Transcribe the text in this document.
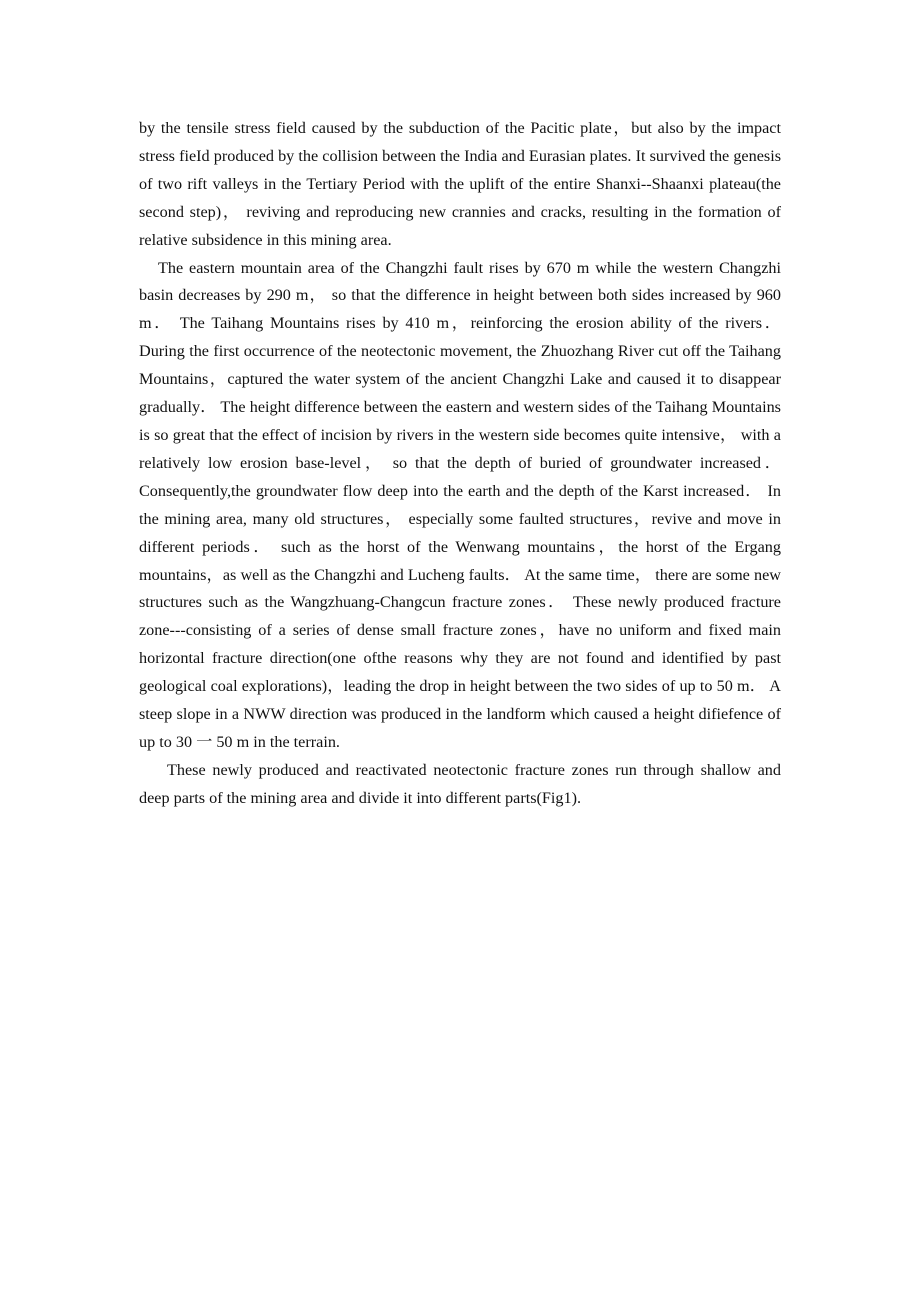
by the tensile stress field caused by the subduction of the Pacitic plate，but also by the impact stress fieId produced by the collision between the India and Eurasian plates. It survived the genesis of two rift valleys in the Tertiary Period with the uplift of the entire Shanxi--Shaanxi plateau(the second step)， reviving and reproducing new crannies and cracks, resulting in the formation of relative subsidence in this mining area.

The eastern mountain area of the Changzhi fault rises by 670 m while the western Changzhi basin decreases by 290 m， so that the difference in height between both sides increased by 960 m． The Taihang Mountains rises by 410 m，reinforcing the erosion ability of the rivers． During the first occurrence of the neotectonic movement, the Zhuozhang River cut off the Taihang Mountains，captured the water system of the ancient Changzhi Lake and caused it to disappear gradually． The height difference between the eastern and western sides of the Taihang Mountains is so great that the effect of incision by rivers in the western side becomes quite intensive， with a relatively low erosion base-level， so that the depth of buried of groundwater increased．Consequently,the groundwater flow deep into the earth and the depth of the Karst increased． In the mining area, many old structures， especially some faulted structures，revive and move in different periods． such as the horst of the Wenwang mountains，the horst of the Ergang mountains，as well as the Changzhi and Lucheng faults． At the same time， there are some new structures such as the Wangzhuang-Changcun fracture zones． These newly produced fracture zone---consisting of a series of dense small fracture zones，have no uniform and fixed main horizontal fracture direction(one ofthe reasons why they are not found and identified by past geological coal explorations)，leading the drop in height between the two sides of up to 50 m． A steep slope in a NWW direction was produced in the landform which caused a height difiefence of up to 30 一 50 m in the terrain.

These newly produced and reactivated neotectonic fracture zones run through shallow and deep parts of the mining area and divide it into different parts(Fig1).
